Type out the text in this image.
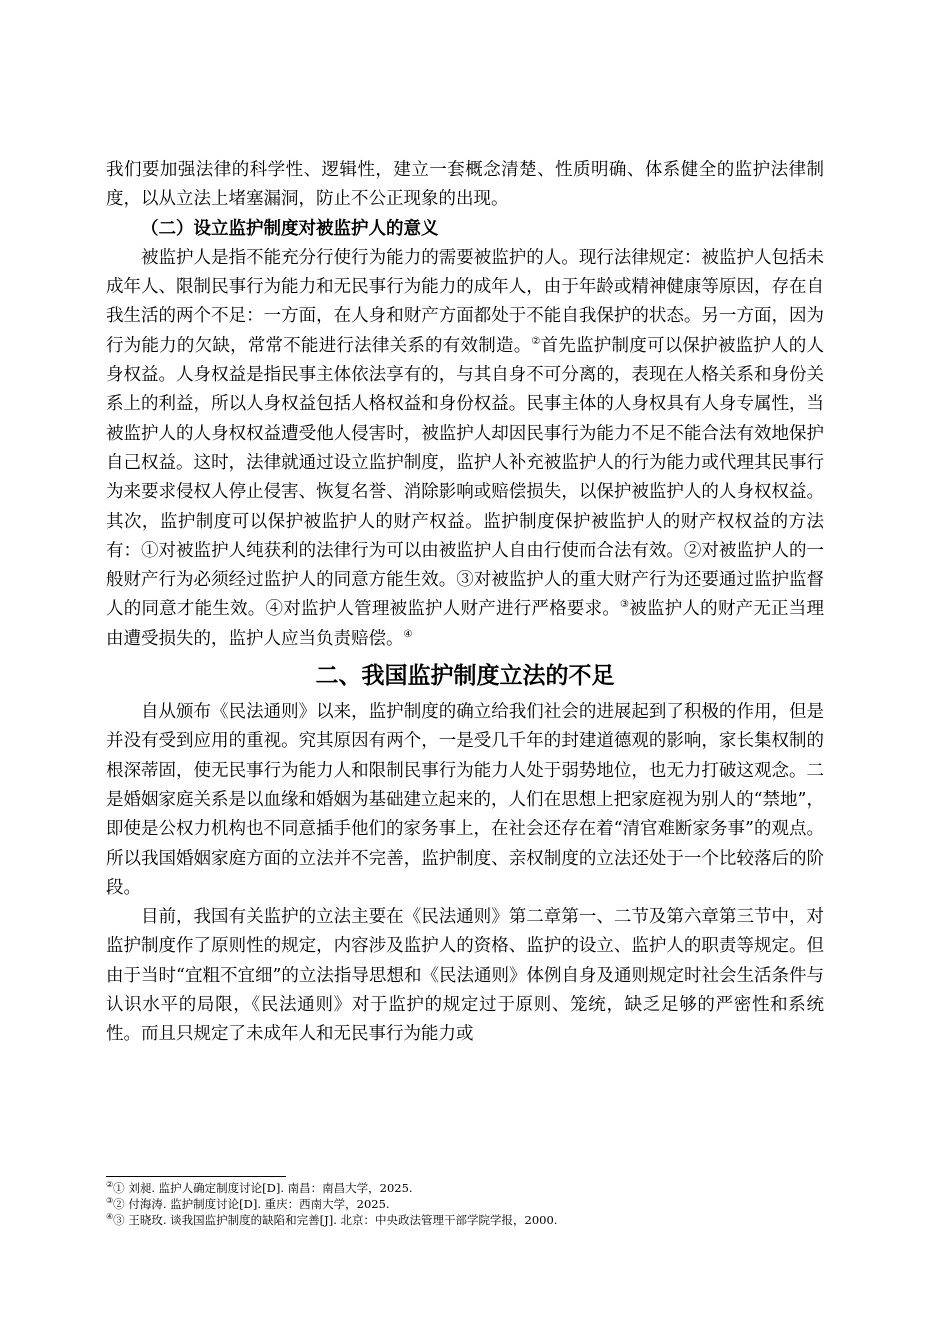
我们要加强法律的科学性、逻辑性，建立一套概念清楚、性质明确、体系健全的监护法律制度，以从立法上堵塞漏洞，防止不公正现象的出现。

（二）设立监护制度对被监护人的意义

被监护人是指不能充分行使行为能力的需要被监护的人。现行法律规定：被监护人包括未成年人、限制民事行为能力和无民事行为能力的成年人，由于年龄或精神健康等原因，存在自我生活的两个不足：一方面，在人身和财产方面都处于不能自我保护的状态。另一方面，因为行为能力的欠缺，常常不能进行法律关系的有效制造。②首先监护制度可以保护被监护人的人身权益。人身权益是指民事主体依法享有的，与其自身不可分离的，表现在人格关系和身份关系上的利益，所以人身权益包括人格权益和身份权益。民事主体的人身权具有人身专属性，当被监护人的人身权权益遭受他人侵害时，被监护人却因民事行为能力不足不能合法有效地保护自己权益。这时，法律就通过设立监护制度，监护人补充被监护人的行为能力或代理其民事行为来要求侵权人停止侵害、恢复名誉、消除影响或赔偿损失，以保护被监护人的人身权权益。其次，监护制度可以保护被监护人的财产权益。监护制度保护被监护人的财产权权益的方法有：①对被监护人纯获利的法律行为可以由被监护人自由行使而合法有效。②对被监护人的一般财产行为必须经过监护人的同意方能生效。③对被监护人的重大财产行为还要通过监护监督人的同意才能生效。④对监护人管理被监护人财产进行严格要求。③被监护人的财产无正当理由遭受损失的，监护人应当负责赔偿。④

二、我国监护制度立法的不足

自从颁布《民法通则》以来，监护制度的确立给我们社会的进展起到了积极的作用，但是并没有受到应用的重视。究其原因有两个，一是受几千年的封建道德观的影响，家长集权制的根深蒂固，使无民事行为能力人和限制民事行为能力人处于弱势地位，也无力打破这观念。二是婚姻家庭关系是以血缘和婚姻为基础建立起来的，人们在思想上把家庭视为别人的“禁地”，即使是公权力机构也不同意插手他们的家务事上，在社会还存在着“清官难断家务事”的观点。所以我国婚姻家庭方面的立法并不完善，监护制度、亲权制度的立法还处于一个比较落后的阶段。

目前，我国有关监护的立法主要在《民法通则》第二章第一、二节及第六章第三节中，对监护制度作了原则性的规定，内容涉及监护人的资格、监护的设立、监护人的职责等规定。但由于当时“宜粗不宜细”的立法指导思想和《民法通则》体例自身及通则规定时社会生活条件与认识水平的局限，《民法通则》对于监护的规定过于原则、笼统，缺乏足够的严密性和系统性。而且只规定了未成年人和无民事行为能力或

②① 刘昶. 监护人确定制度讨论[D]. 南昌：南昌大学，2025.

③② 付海涛. 监护制度讨论[D]. 重庆：西南大学，2025.

④③ 王晓玫. 谈我国监护制度的缺陷和完善[J]. 北京：中央政法管理干部学院学报，2000.
